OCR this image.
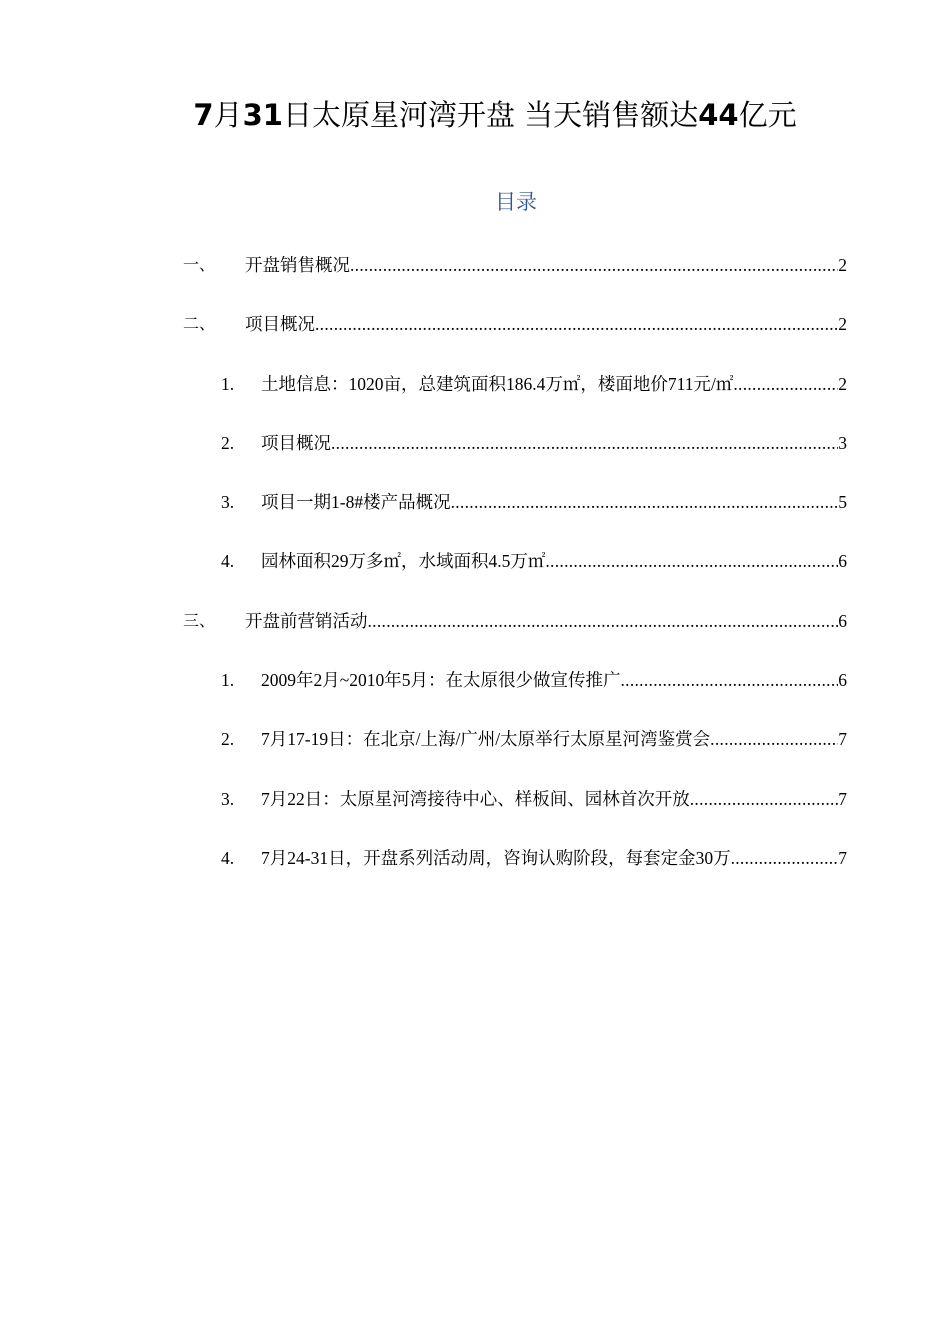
7月31日太原星河湾开盘 当天销售额达44亿元
目录
一、 开盘销售概况 .....	2
二、 项目概况 .....	2
1. 土地信息：1020亩，总建筑面积186.4万㎡，楼面地价711元/㎡ .....	2
2. 项目概况 .....	3
3. 项目一期1-8#楼产品概况 .....	5
4. 园林面积29万多㎡，水域面积4.5万㎡ .....	6
三、 开盘前营销活动 .....	6
1. 2009年2月~2010年5月：在太原很少做宣传推广 .....	6
2. 7月17-19日：在北京/上海/广州/太原举行太原星河湾鉴赏会 .....	7
3. 7月22日：太原星河湾接待中心、样板间、园林首次开放 .....	7
4. 7月24-31日，开盘系列活动周，咨询认购阶段，每套定金30万 .....	7
